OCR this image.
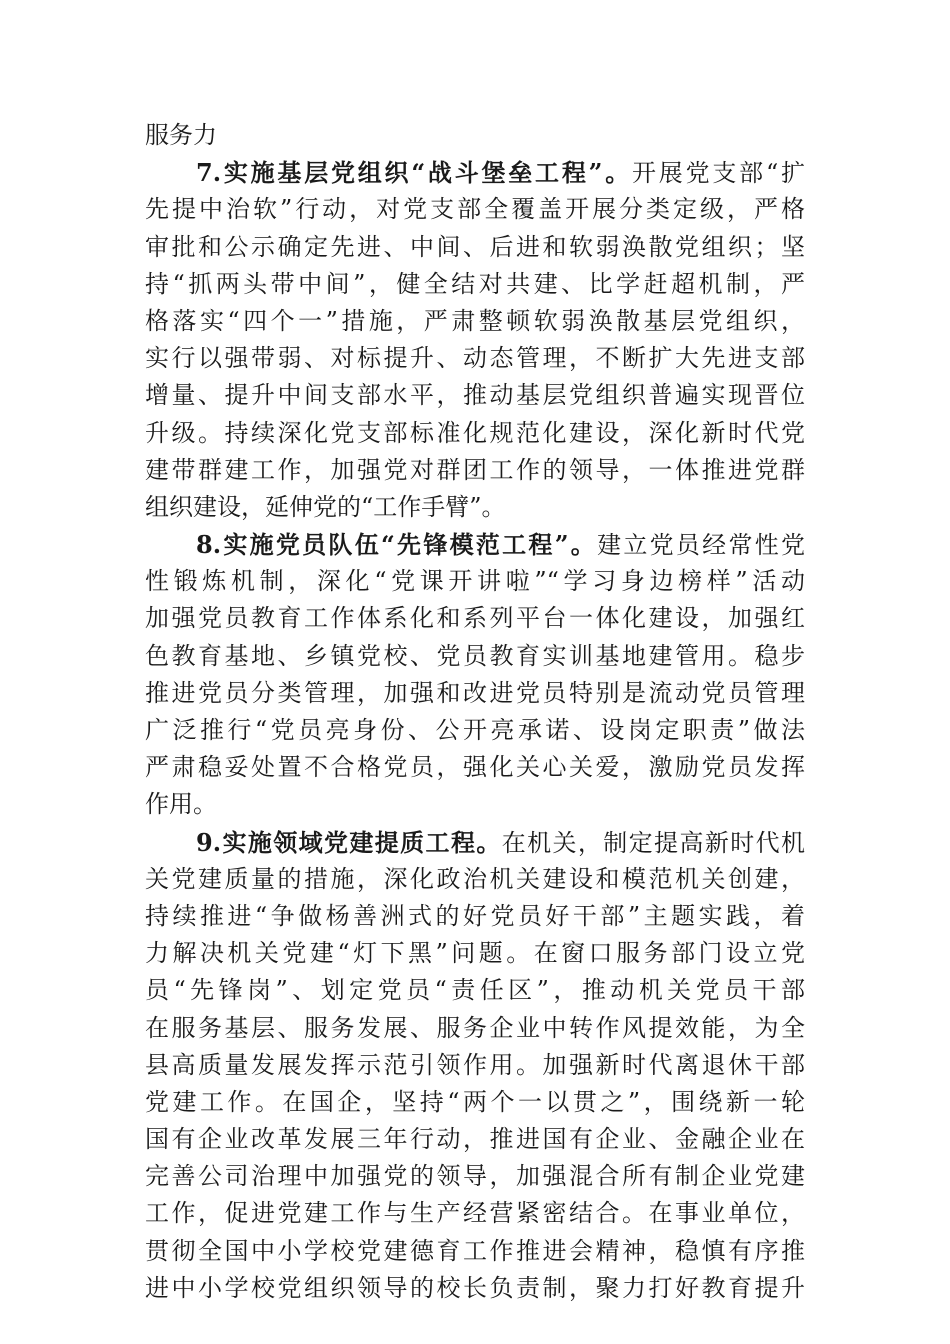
服务力
7.实施基层党组织“战斗堡垒工程”。开展党支部“扩
先提中治软”行动，对党支部全覆盖开展分类定级，严格
审批和公示确定先进、中间、后进和软弱涣散党组织；坚
持“抓两头带中间”，健全结对共建、比学赶超机制，严
格落实“四个一”措施，严肃整顿软弱涣散基层党组织，
实行以强带弱、对标提升、动态管理，不断扩大先进支部
增量、提升中间支部水平，推动基层党组织普遍实现晋位
升级。持续深化党支部标准化规范化建设，深化新时代党
建带群建工作，加强党对群团工作的领导，一体推进党群
组织建设，延伸党的“工作手臂”。
8.实施党员队伍“先锋模范工程”。建立党员经常性党
性锻炼机制，深化“党课开讲啦”“学习身边榜样”活动
加强党员教育工作体系化和系列平台一体化建设，加强红
色教育基地、乡镇党校、党员教育实训基地建管用。稳步
推进党员分类管理，加强和改进党员特别是流动党员管理
广泛推行“党员亮身份、公开亮承诺、设岗定职责”做法
严肃稳妥处置不合格党员，强化关心关爱，激励党员发挥
作用。
9.实施领域党建提质工程。在机关，制定提高新时代机
关党建质量的措施，深化政治机关建设和模范机关创建，
持续推进“争做杨善洲式的好党员好干部”主题实践，着
力解决机关党建“灯下黑”问题。在窗口服务部门设立党
员“先锋岗”、划定党员“责任区”，推动机关党员干部
在服务基层、服务发展、服务企业中转作风提效能，为全
县高质量发展发挥示范引领作用。加强新时代离退休干部
党建工作。在国企，坚持“两个一以贯之”，围绕新一轮
国有企业改革发展三年行动，推进国有企业、金融企业在
完善公司治理中加强党的领导，加强混合所有制企业党建
工作，促进党建工作与生产经营紧密结合。在事业单位，
贯彻全国中小学校党建德育工作推进会精神，稳慎有序推
进中小学校党组织领导的校长负责制，聚力打好教育提升
